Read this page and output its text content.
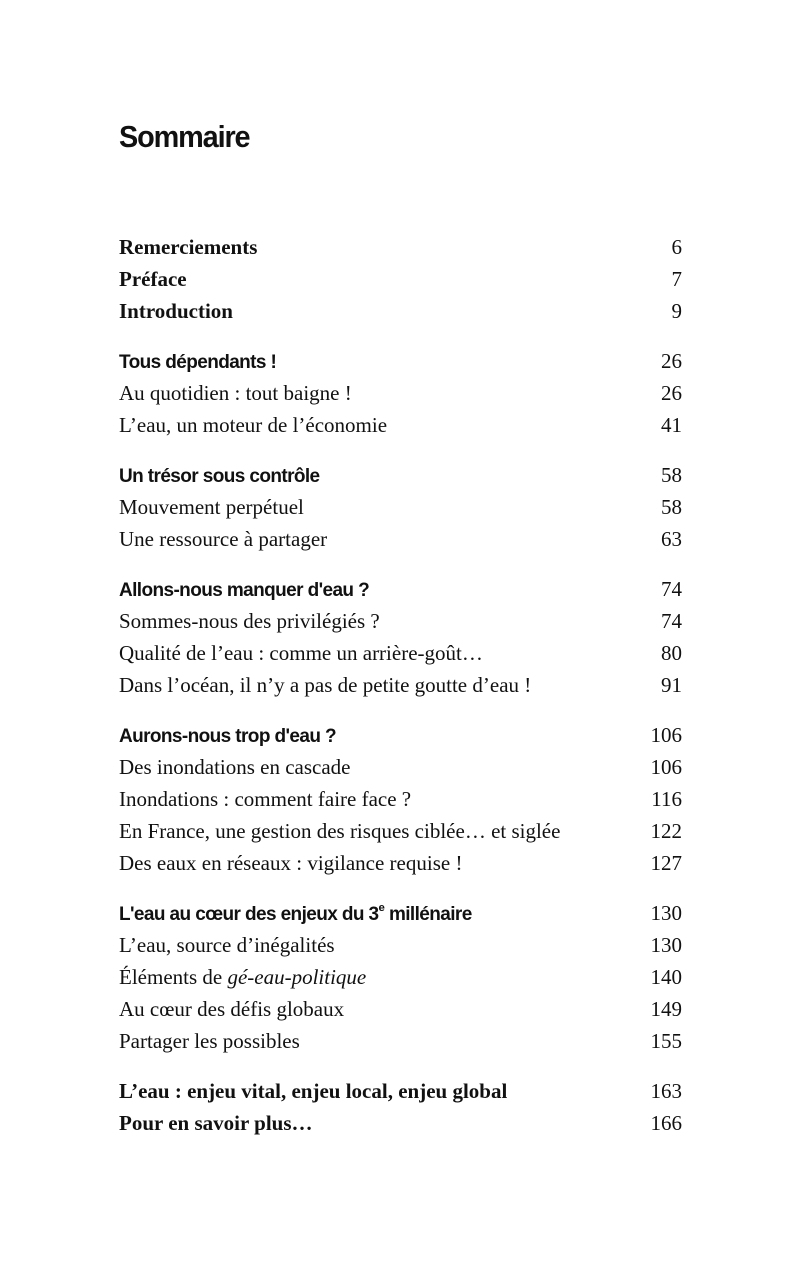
Sommaire
Remerciements	6
Préface	7
Introduction	9
Tous dépendants !	26
Au quotidien : tout baigne !	26
L’eau, un moteur de l’économie	41
Un trésor sous contrôle	58
Mouvement perpétuel	58
Une ressource à partager	63
Allons-nous manquer d'eau ?	74
Sommes-nous des privilégiés ?	74
Qualité de l’eau : comme un arrière-goût…	80
Dans l’océan, il n’y a pas de petite goutte d’eau !	91
Aurons-nous trop d'eau ?	106
Des inondations en cascade	106
Inondations : comment faire face ?	116
En France, une gestion des risques ciblée… et siglée	122
Des eaux en réseaux : vigilance requise !	127
L'eau au cœur des enjeux du 3e millénaire	130
L’eau, source d’inégalités	130
Éléments de gé-eau-politique	140
Au cœur des défis globaux	149
Partager les possibles	155
L’eau : enjeu vital, enjeu local, enjeu global	163
Pour en savoir plus…	166
